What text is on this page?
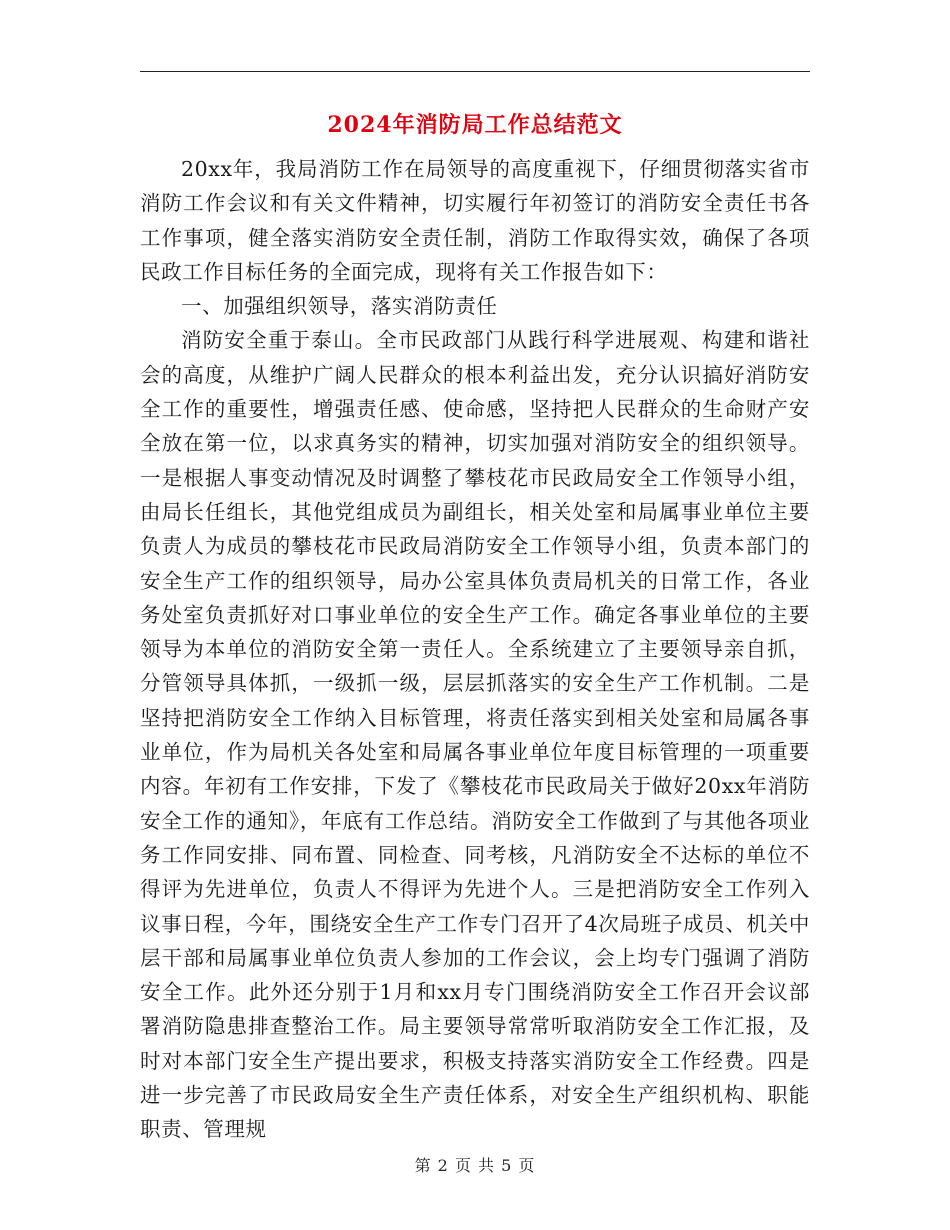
2024年消防局工作总结范文

20xx年，我局消防工作在局领导的高度重视下，仔细贯彻落实省市消防工作会议和有关文件精神，切实履行年初签订的消防安全责任书各工作事项，健全落实消防安全责任制，消防工作取得实效，确保了各项民政工作目标任务的全面完成，现将有关工作报告如下：

一、加强组织领导，落实消防责任

消防安全重于泰山。全市民政部门从践行科学进展观、构建和谐社会的高度，从维护广阔人民群众的根本利益出发，充分认识搞好消防安全工作的重要性，增强责任感、使命感，坚持把人民群众的生命财产安全放在第一位，以求真务实的精神，切实加强对消防安全的组织领导。一是根据人事变动情况及时调整了攀枝花市民政局安全工作领导小组，由局长任组长，其他党组成员为副组长，相关处室和局属事业单位主要负责人为成员的攀枝花市民政局消防安全工作领导小组，负责本部门的安全生产工作的组织领导，局办公室具体负责局机关的日常工作，各业务处室负责抓好对口事业单位的安全生产工作。确定各事业单位的主要领导为本单位的消防安全第一责任人。全系统建立了主要领导亲自抓，分管领导具体抓，一级抓一级，层层抓落实的安全生产工作机制。二是坚持把消防安全工作纳入目标管理，将责任落实到相关处室和局属各事业单位，作为局机关各处室和局属各事业单位年度目标管理的一项重要内容。年初有工作安排，下发了《攀枝花市民政局关于做好20xx年消防安全工作的通知》，年底有工作总结。消防安全工作做到了与其他各项业务工作同安排、同布置、同检查、同考核，凡消防安全不达标的单位不得评为先进单位，负责人不得评为先进个人。三是把消防安全工作列入议事日程，今年，围绕安全生产工作专门召开了4次局班子成员、机关中层干部和局属事业单位负责人参加的工作会议，会上均专门强调了消防安全工作。此外还分别于1月和xx月专门围绕消防安全工作召开会议部署消防隐患排查整治工作。局主要领导常常听取消防安全工作汇报，及时对本部门安全生产提出要求，积极支持落实消防安全工作经费。四是进一步完善了市民政局安全生产责任体系，对安全生产组织机构、职能职责、管理规

第 2 页 共 5 页
